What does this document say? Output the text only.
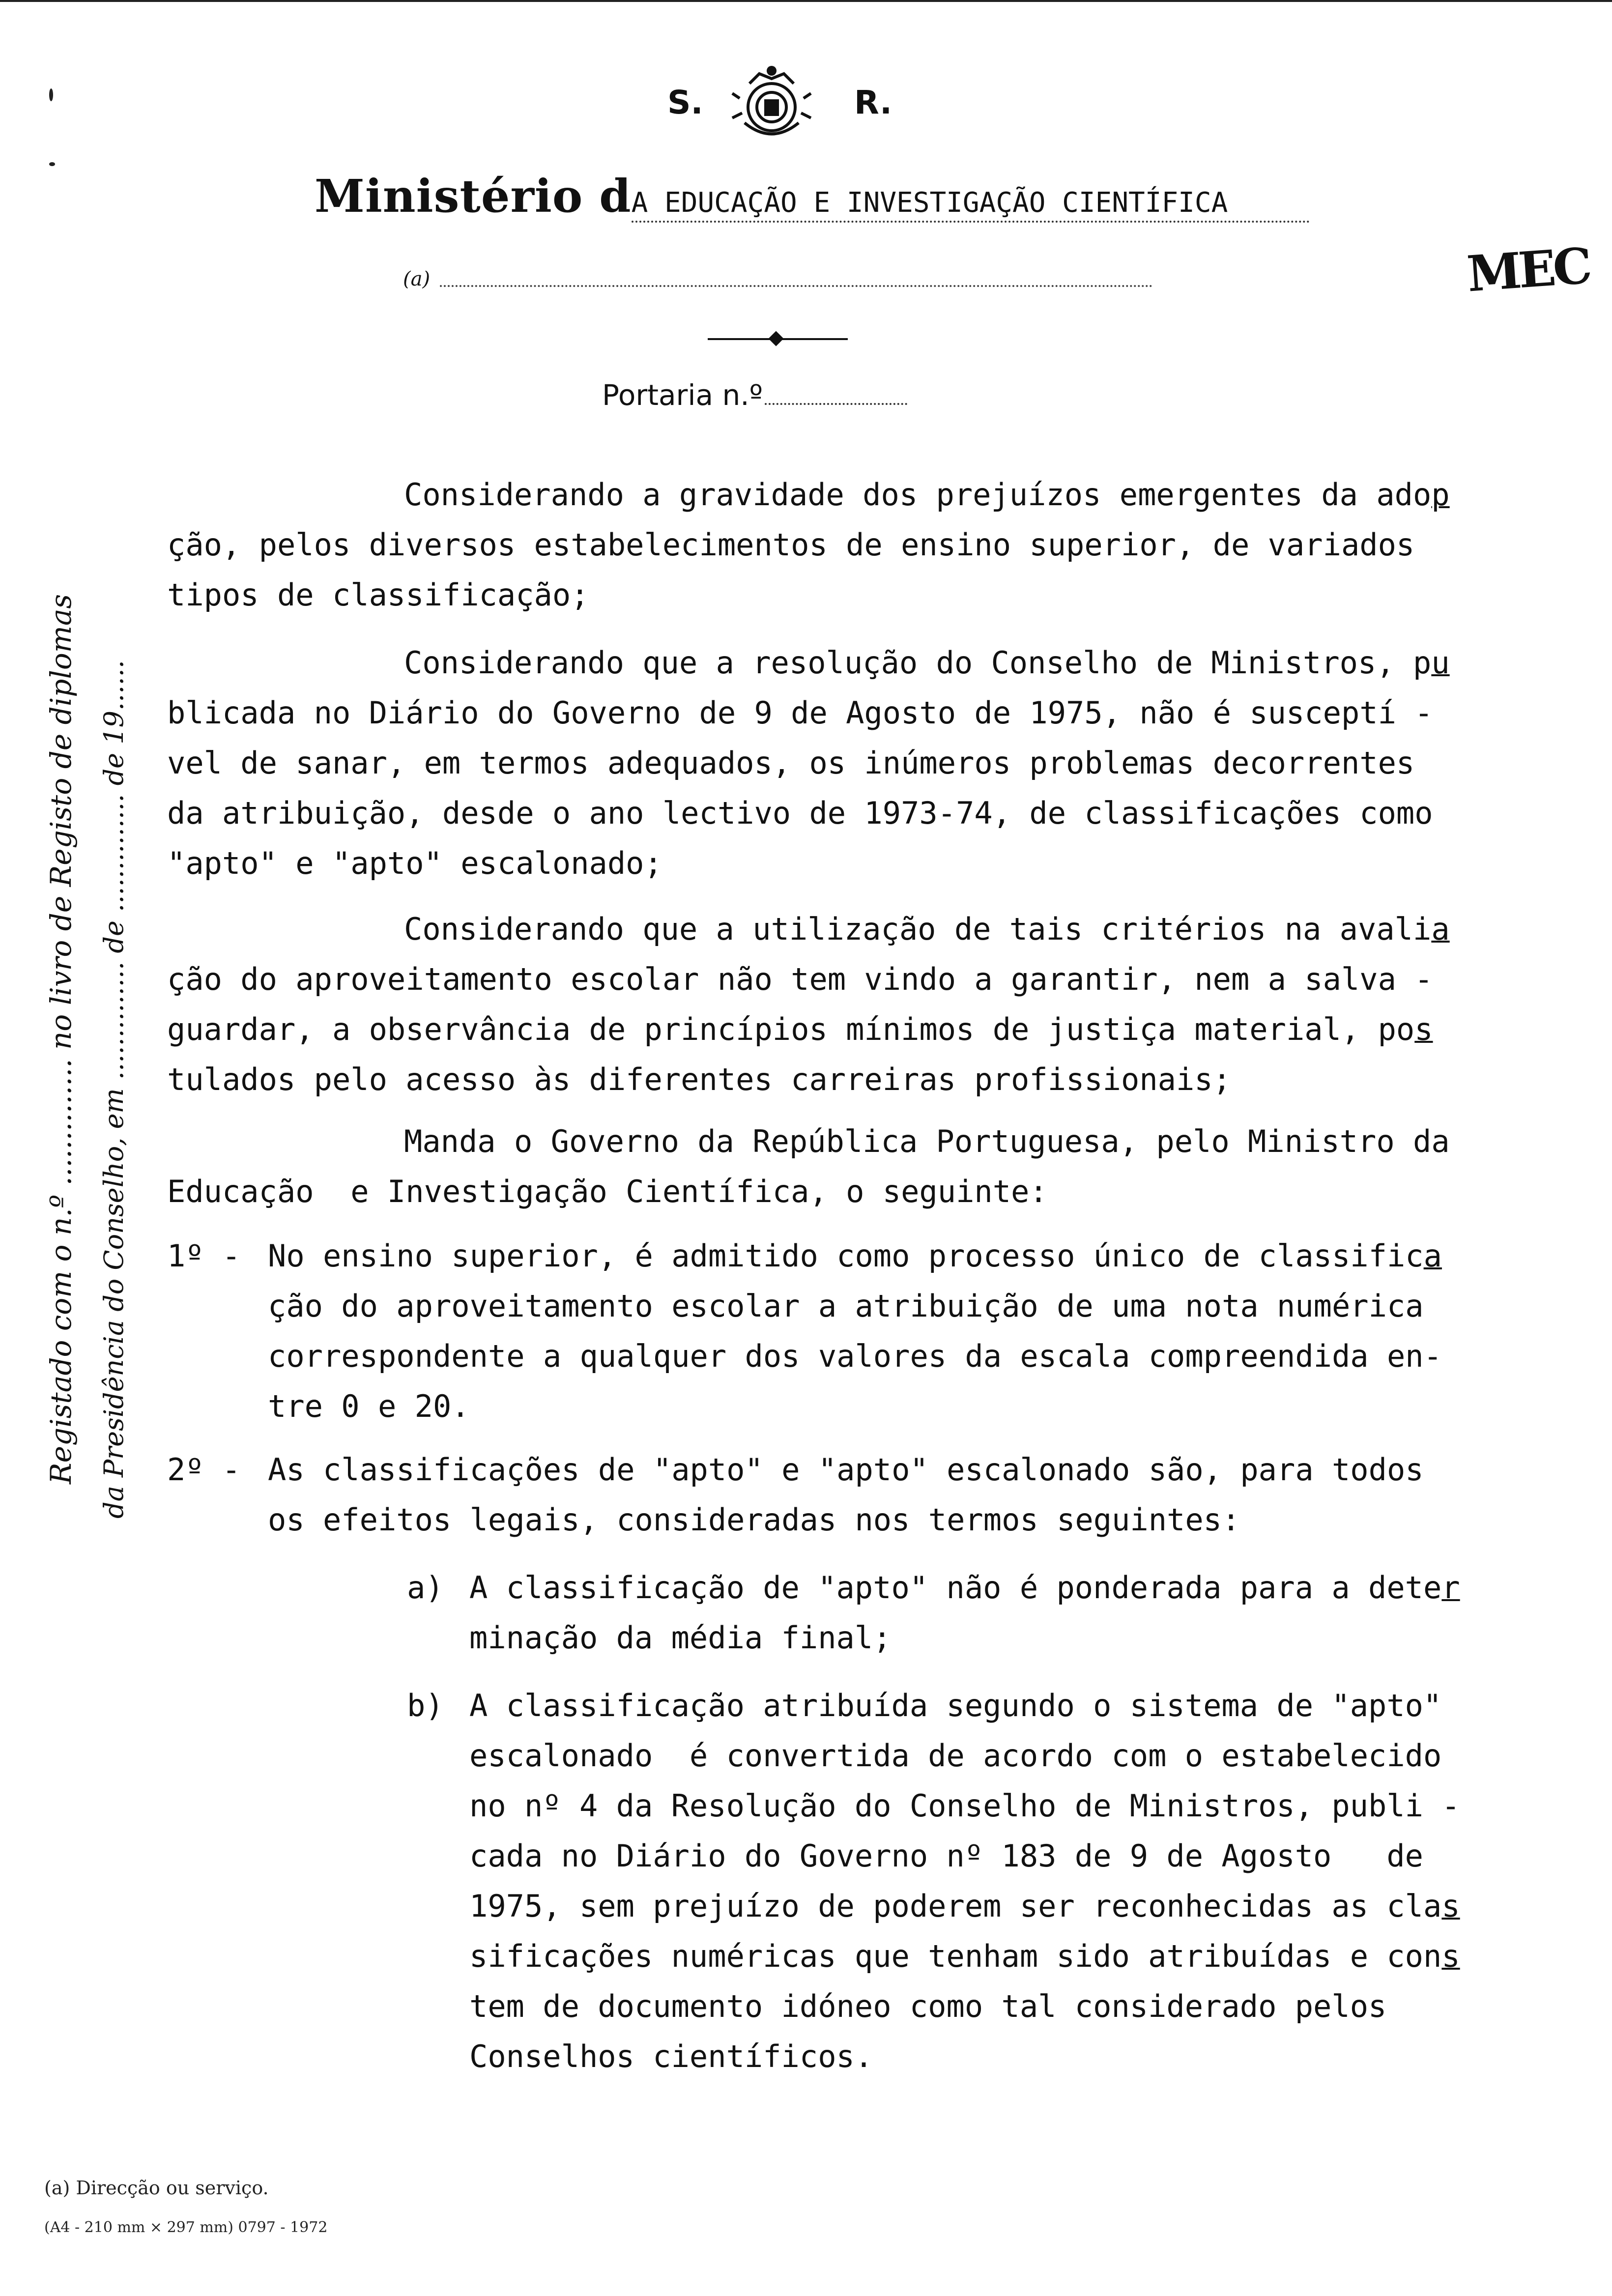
S.	R.
Ministério d A EDUCAÇÃO E INVESTIGAÇÃO CIENTÍFICA
(a)	MEC
Portaria n.º
Registado com o n.º .............. no livro de Registo de diplomas da Presidência do Conselho, em .............. de .............. de 19......
Considerando a gravidade dos prejuízos emergentes da adop
ção, pelos diversos estabelecimentos de ensino superior, de variados
tipos de classificação;
Considerando que a resolução do Conselho de Ministros, pu
blicada no Diário do Governo de 9 de Agosto de 1975, não é susceptí -
vel de sanar, em termos adequados, os inúmeros problemas decorrentes
da atribuição, desde o ano lectivo de 1973-74, de classificações como
"apto" e "apto" escalonado;
Considerando que a utilização de tais critérios na avalia
ção do aproveitamento escolar não tem vindo a garantir, nem a salva -
guardar, a observância de princípios mínimos de justiça material, pos
tulados pelo acesso às diferentes carreiras profissionais;
Manda o Governo da República Portuguesa, pelo Ministro da
Educação  e Investigação Científica, o seguinte:
1º - No ensino superior, é admitido como processo único de classifica
ção do aproveitamento escolar a atribuição de uma nota numérica
correspondente a qualquer dos valores da escala compreendida en-
tre 0 e 20.
2º - As classificações de "apto" e "apto" escalonado são, para todos
os efeitos legais, consideradas nos termos seguintes:
a) A classificação de "apto" não é ponderada para a deter
minação da média final;
b) A classificação atribuída segundo o sistema de "apto"
escalonado  é convertida de acordo com o estabelecido
no nº 4 da Resolução do Conselho de Ministros, publi -
cada no Diário do Governo nº 183 de 9 de Agosto   de
1975, sem prejuízo de poderem ser reconhecidas as clas
sificações numéricas que tenham sido atribuídas e cons
tem de documento idóneo como tal considerado pelos
Conselhos científicos.
(a) Direcção ou serviço.
(A4 - 210 mm × 297 mm) 0797 - 1972
